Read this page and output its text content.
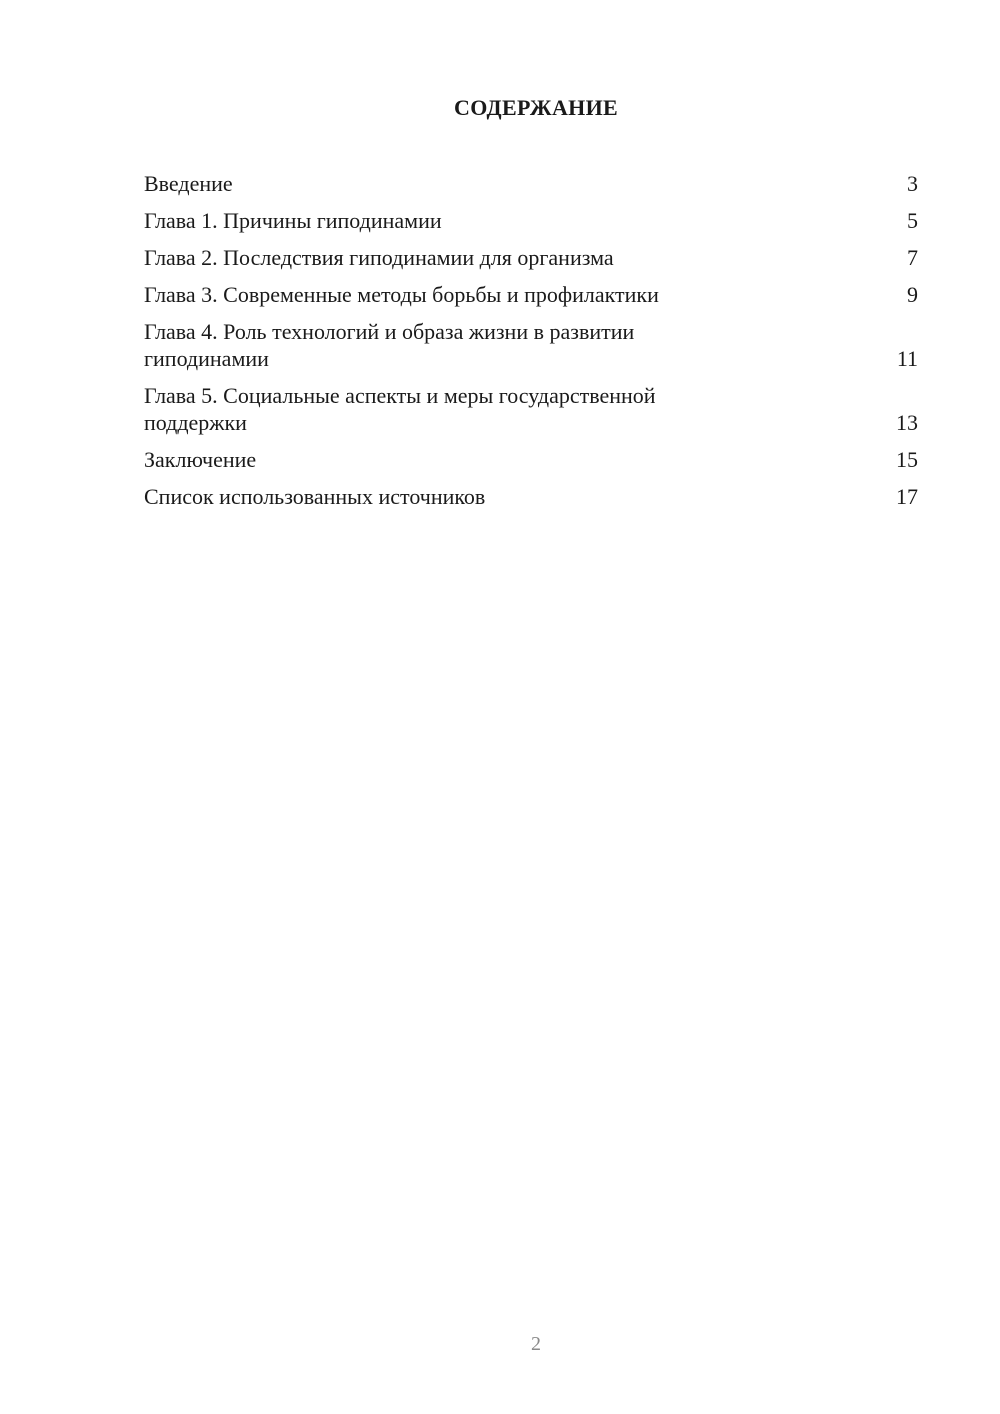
СОДЕРЖАНИЕ
Введение	3
Глава 1. Причины гиподинамии	5
Глава 2. Последствия гиподинамии для организма	7
Глава 3. Современные методы борьбы и профилактики	9
Глава 4. Роль технологий и образа жизни в развитии гиподинамии	11
Глава 5. Социальные аспекты и меры государственной поддержки	13
Заключение	15
Список использованных источников	17
2
